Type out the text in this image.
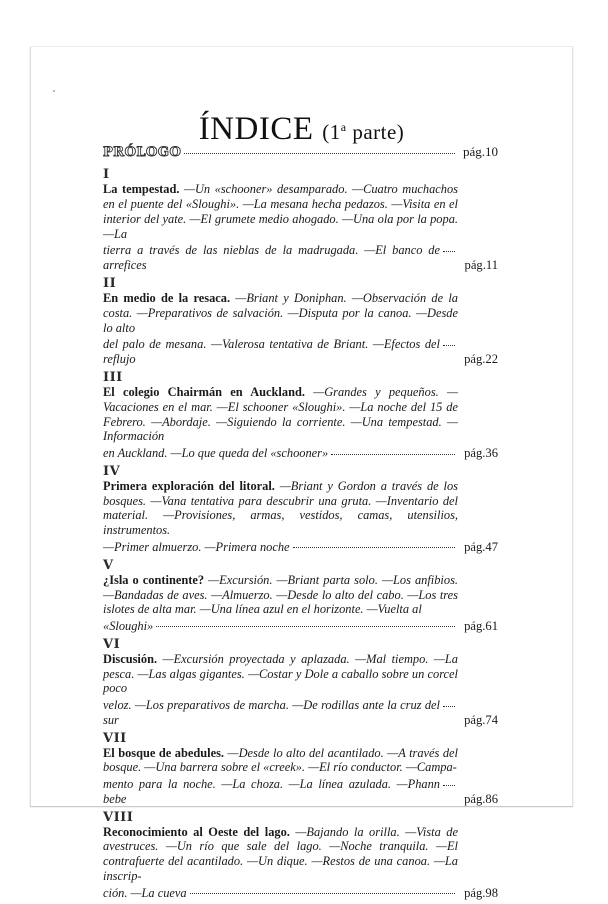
ÍNDICE (1$^a$ parte)
PRÓLOGO	pág.10
I
La tempestad. —Un «schooner» desamparado. —Cuatro muchachos en el puente del «Sloughi». —La mesana hecha pedazos. —Visita en el interior del yate. —El grumete medio ahogado. —Una ola por la popa. —La
tierra a través de las nieblas de la madrugada. —El banco de arrefices	pág.11
II
En medio de la resaca. —Briant y Doniphan. —Observación de la costa. —Preparativos de salvación. —Disputa por la canoa. —Desde lo alto
del palo de mesana. —Valerosa tentativa de Briant. —Efectos del reflujo	pág.22
III
El colegio Chairmán en Auckland. —Grandes y pequeños. —Vacaciones en el mar. —El schooner «Sloughi». —La noche del 15 de Febrero. —Abordaje. —Siguiendo la corriente. —Una tempestad. —Información
en Auckland. —Lo que queda del «schooner»	pág.36
IV
Primera exploración del litoral. —Briant y Gordon a través de los bosques. —Vana tentativa para descubrir una gruta. —Inventario del material. —Provisiones, armas, vestidos, camas, utensilios, instrumentos.
—Primer almuerzo. —Primera noche	pág.47
V
¿Isla o continente? —Excursión. —Briant parta solo. —Los anfibios. —Bandadas de aves. —Almuerzo. —Desde lo alto del cabo. —Los tres islotes de alta mar. —Una línea azul en el horizonte. —Vuelta al
«Sloughi»	pág.61
VI
Discusión. —Excursión proyectada y aplazada. —Mal tiempo. —La pesca. —Las algas gigantes. —Costar y Dole a caballo sobre un corcel poco
veloz. —Los preparativos de marcha. —De rodillas ante la cruz del sur	pág.74
VII
El bosque de abedules. —Desde lo alto del acantilado. —A través del bosque. —Una barrera sobre el «creek». —El río conductor. —Campa-
mento para la noche. —La choza. —La línea azulada. —Phann bebe	pág.86
VIII
Reconocimiento al Oeste del lago. —Bajando la orilla. —Vista de avestruces. —Un río que sale del lago. —Noche tranquila. —El contrafuerte del acantilado. —Un dique. —Restos de una canoa. —La inscrip-
ción. —La cueva	pág.98
